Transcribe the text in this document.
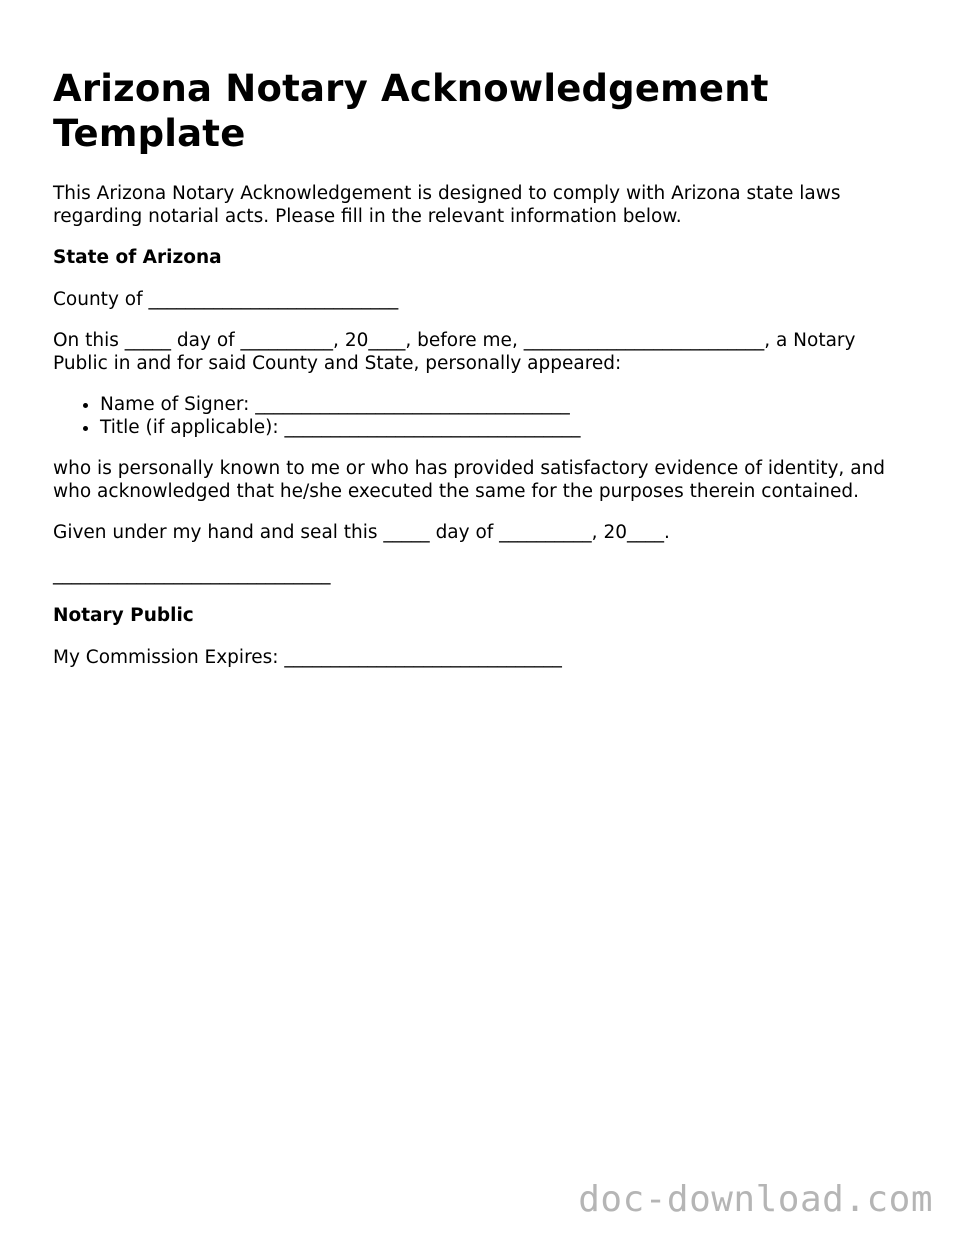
Arizona Notary Acknowledgement Template

This Arizona Notary Acknowledgement is designed to comply with Arizona state laws regarding notarial acts. Please fill in the relevant information below.

State of Arizona

County of ___________________________

On this _____ day of __________, 20____, before me, __________________________, a Notary Public in and for said County and State, personally appeared:

• Name of Signer: __________________________________
• Title (if applicable): ________________________________

who is personally known to me or who has provided satisfactory evidence of identity, and who acknowledged that he/she executed the same for the purposes therein contained.

Given under my hand and seal this _____ day of __________, 20____.

______________________________

Notary Public

My Commission Expires: ______________________________

doc-download.com
